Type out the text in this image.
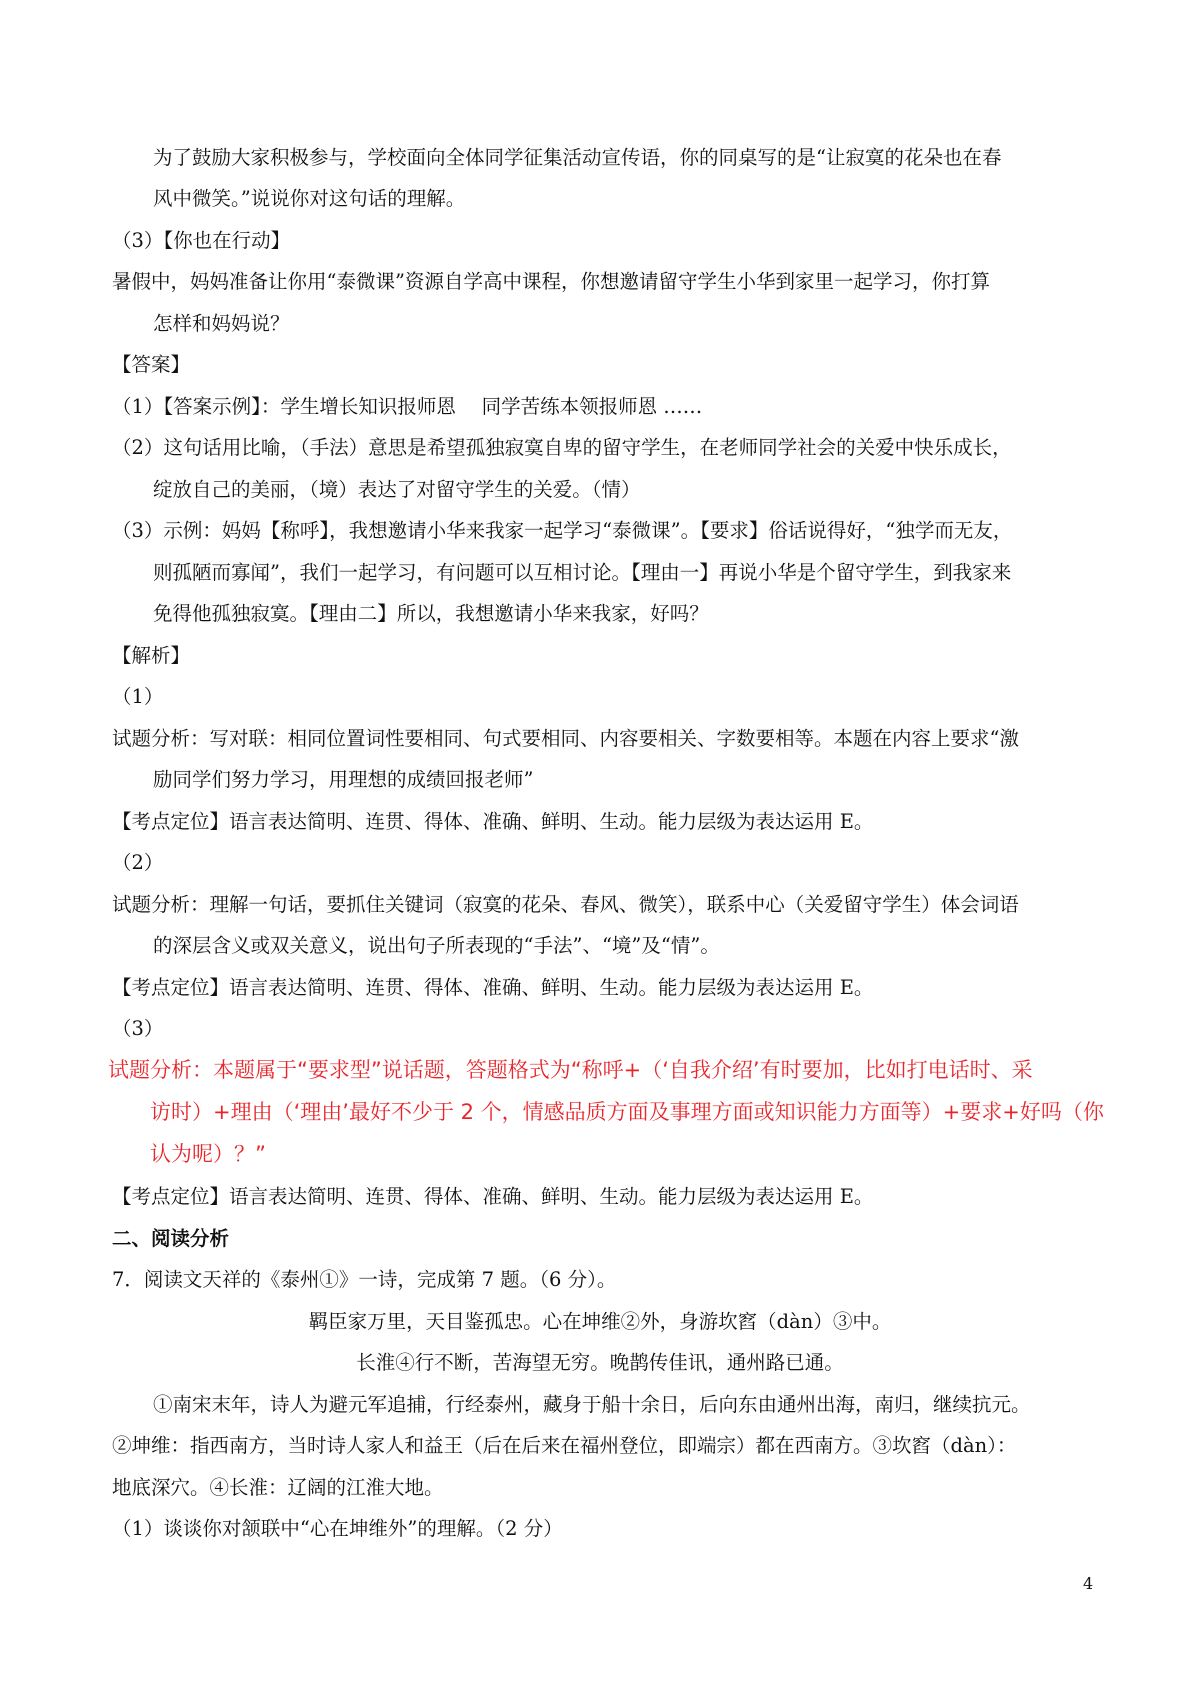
为了鼓励大家积极参与，学校面向全体同学征集活动宣传语，你的同桌写的是“让寂寞的花朵也在春
风中微笑。”说说你对这句话的理解。
（3）【你也在行动】
暑假中，妈妈准备让你用“泰微课”资源自学高中课程，你想邀请留守学生小华到家里一起学习，你打算
怎样和妈妈说？
【答案】
（1）【答案示例】：学生增长知识报师恩　 同学苦练本领报师恩 ……
（2）这句话用比喻，（手法）意思是希望孤独寂寞自卑的留守学生，在老师同学社会的关爱中快乐成长，
绽放自己的美丽，（境）表达了对留守学生的关爱。（情）
（3）示例：妈妈【称呼】，我想邀请小华来我家一起学习“泰微课”。【要求】俗话说得好，“独学而无友，
则孤陋而寡闻”，我们一起学习，有问题可以互相讨论。【理由一】再说小华是个留守学生，到我家来
免得他孤独寂寞。【理由二】所以，我想邀请小华来我家，好吗？
【解析】
（1）
试题分析：写对联：相同位置词性要相同、句式要相同、内容要相关、字数要相等。本题在内容上要求“激
励同学们努力学习，用理想的成绩回报老师”
【考点定位】语言表达简明、连贯、得体、准确、鲜明、生动。能力层级为表达运用 E。
（2）
试题分析：理解一句话，要抓住关键词（寂寞的花朵、春风、微笑），联系中心（关爱留守学生）体会词语
的深层含义或双关意义，说出句子所表现的“手法”、“境”及“情”。
【考点定位】语言表达简明、连贯、得体、准确、鲜明、生动。能力层级为表达运用 E。
（3）
试题分析：本题属于“要求型”说话题，答题格式为“称呼+（‘自我介绍’有时要加，比如打电话时、采
访时）+理由（‘理由’最好不少于 2 个，情感品质方面及事理方面或知识能力方面等）+要求+好吗（你
认为呢）？”
【考点定位】语言表达简明、连贯、得体、准确、鲜明、生动。能力层级为表达运用 E。
二、阅读分析
7．阅读文天祥的《泰州①》一诗，完成第 7 题。（6 分）。
羁臣家万里，天目鉴孤忠。心在坤维②外，身游坎窞（dàn）③中。
长淮④行不断，苦海望无穷。晚鹊传佳讯，通州路已通。
①南宋末年，诗人为避元军追捕，行经泰州，藏身于船十余日，后向东由通州出海，南归，继续抗元。
②坤维：指西南方，当时诗人家人和益王（后在后来在福州登位，即端宗）都在西南方。③坎窞（dàn）：
地底深穴。④长淮：辽阔的江淮大地。
（1）谈谈你对颔联中“心在坤维外”的理解。（2 分）
4
